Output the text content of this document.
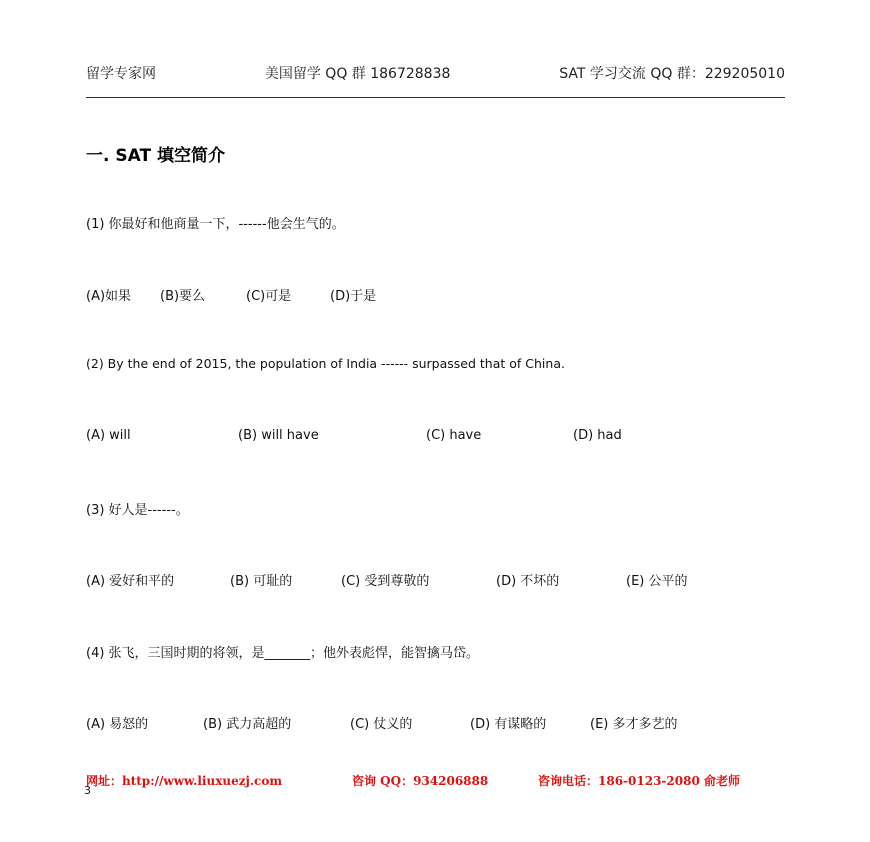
留学专家网	美国留学 QQ 群 186728838	SAT 学习交流 QQ 群：229205010
一. SAT 填空简介
(1) 你最好和他商量一下，------他会生气的。
(A)如果 (B)要么	(C)可是	(D)于是
(2) By the end of 2015, the population of India ------ surpassed that of China.
(A) will	(B) will have	(C) have	(D) had
(3) 好人是------。
(A) 爱好和平的	(B) 可耻的	(C) 受到尊敬的	(D) 不坏的	(E) 公平的
(4) 张飞，三国时期的将领，是_______；他外表彪悍，能智擒马岱。
(A) 易怒的	(B) 武力高超的	(C) 仗义的	(D) 有谋略的	(E) 多才多艺的
网址：http://www.liuxuezj.com	咨询 QQ：934206888	咨询电话：186-0123-2080 俞老师
3
